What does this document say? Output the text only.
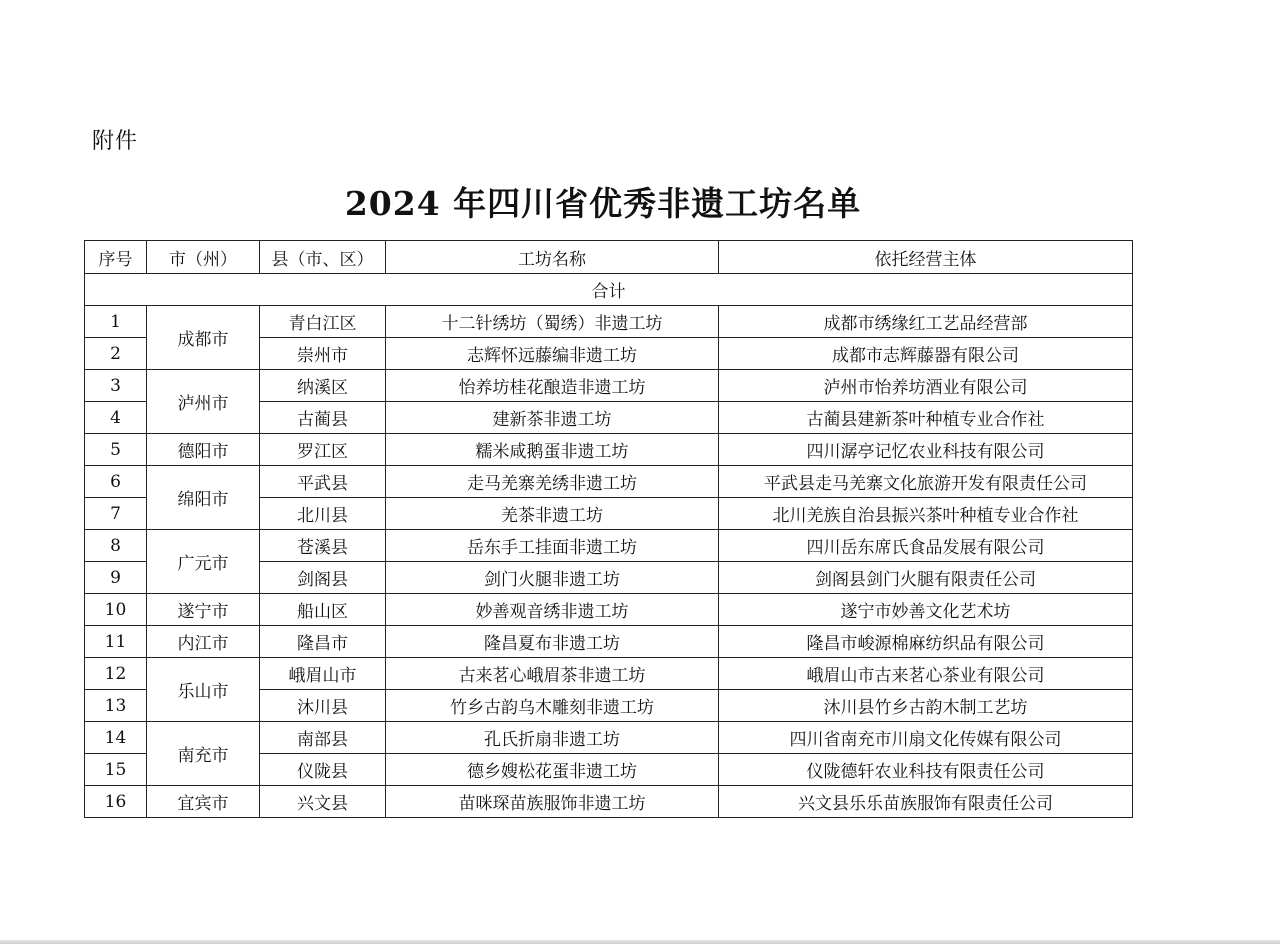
附件
2024 年四川省优秀非遗工坊名单
序号	市（州）	县（市、区）	工坊名称	依托经营主体
合计				
1	成都市	青白江区	十二针绣坊（蜀绣）非遗工坊	成都市绣缘红工艺品经营部
2		崇州市	志辉怀远藤编非遗工坊	成都市志辉藤器有限公司
3	泸州市	纳溪区	怡养坊桂花酿造非遗工坊	泸州市怡养坊酒业有限公司
4		古蔺县	建新茶非遗工坊	古蔺县建新茶叶种植专业合作社
5	德阳市	罗江区	糯米咸鹅蛋非遗工坊	四川潺亭记忆农业科技有限公司
6	绵阳市	平武县	走马羌寨羌绣非遗工坊	平武县走马羌寨文化旅游开发有限责任公司
7		北川县	羌茶非遗工坊	北川羌族自治县振兴茶叶种植专业合作社
8	广元市	苍溪县	岳东手工挂面非遗工坊	四川岳东席氏食品发展有限公司
9		剑阁县	剑门火腿非遗工坊	剑阁县剑门火腿有限责任公司
10	遂宁市	船山区	妙善观音绣非遗工坊	遂宁市妙善文化艺术坊
11	内江市	隆昌市	隆昌夏布非遗工坊	隆昌市峻源棉麻纺织品有限公司
12	乐山市	峨眉山市	古来茗心峨眉茶非遗工坊	峨眉山市古来茗心茶业有限公司
13		沐川县	竹乡古韵乌木雕刻非遗工坊	沐川县竹乡古韵木制工艺坊
14	南充市	南部县	孔氏折扇非遗工坊	四川省南充市川扇文化传媒有限公司
15		仪陇县	德乡嫂松花蛋非遗工坊	仪陇德轩农业科技有限责任公司
16	宜宾市	兴文县	苗咪琛苗族服饰非遗工坊	兴文县乐乐苗族服饰有限责任公司
